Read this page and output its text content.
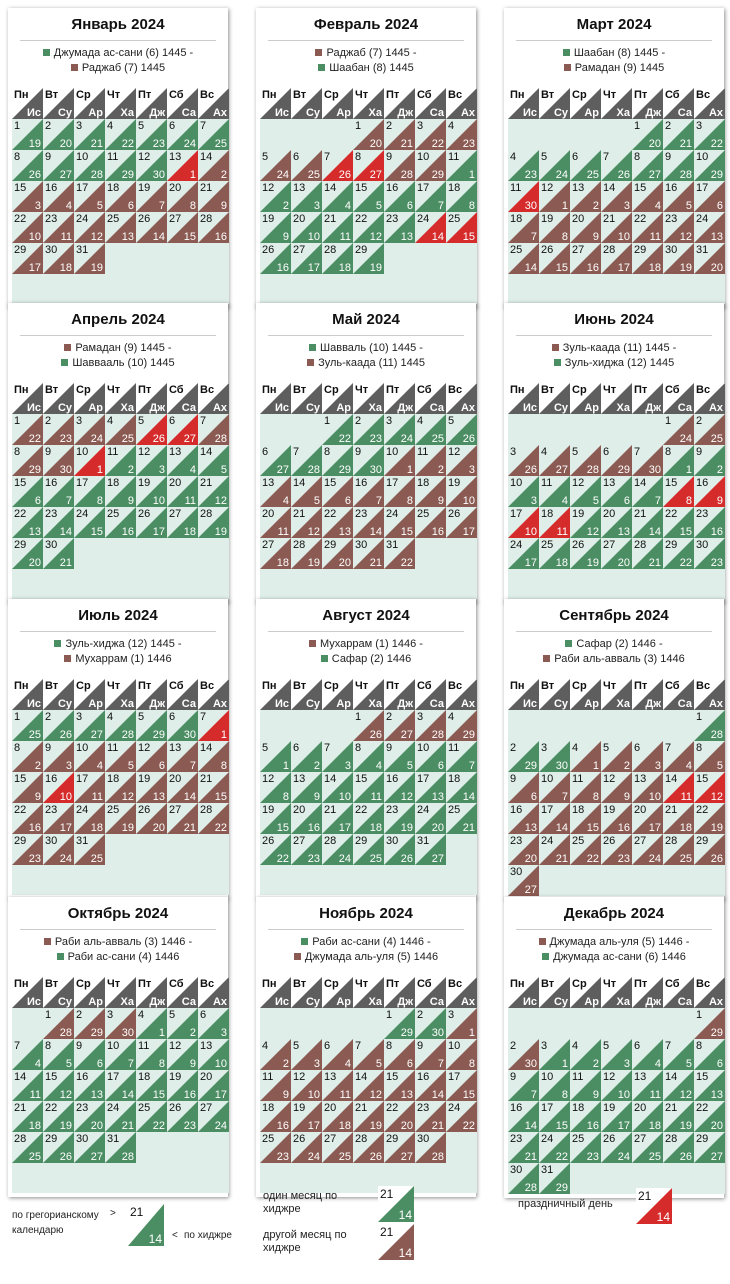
Январь 2024
Джумада ас-сани (6) 1445 -
Раджаб (7) 1445
Пн
Ис
Вт
Су
Ср
Ар
Чт
Ха
Пт
Дж
Сб
Са
Вс
Ах
1
19
2
20
3
21
4
22
5
23
6
24
7
25
8
26
9
27
10
28
11
29
12
30
13
1
14
2
15
3
16
4
17
5
18
6
19
7
20
8
21
9
22
10
23
11
24
12
25
13
26
14
27
15
28
16
29
17
30
18
31
19
Февраль 2024
Раджаб (7) 1445 -
Шаабан (8) 1445
Пн
Ис
Вт
Су
Ср
Ар
Чт
Ха
Пт
Дж
Сб
Са
Вс
Ах
1
20
2
21
3
22
4
23
5
24
6
25
7
26
8
27
9
28
10
29
11
1
12
2
13
3
14
4
15
5
16
6
17
7
18
8
19
9
20
10
21
11
22
12
23
13
24
14
25
15
26
16
27
17
28
18
29
19
Март 2024
Шаабан (8) 1445 -
Рамадан (9) 1445
Пн
Ис
Вт
Су
Ср
Ар
Чт
Ха
Пт
Дж
Сб
Са
Вс
Ах
1
20
2
21
3
22
4
23
5
24
6
25
7
26
8
27
9
28
10
29
11
30
12
1
13
2
14
3
15
4
16
5
17
6
18
7
19
8
20
9
21
10
22
11
23
12
24
13
25
14
26
15
27
16
28
17
29
18
30
19
31
20
Апрель 2024
Рамадан (9) 1445 -
Шаввааль (10) 1445
Пн
Ис
Вт
Су
Ср
Ар
Чт
Ха
Пт
Дж
Сб
Са
Вс
Ах
1
22
2
23
3
24
4
25
5
26
6
27
7
28
8
29
9
30
10
1
11
2
12
3
13
4
14
5
15
6
16
7
17
8
18
9
19
10
20
11
21
12
22
13
23
14
24
15
25
16
26
17
27
18
28
19
29
20
30
21
Май 2024
Шавваль (10) 1445 -
Зуль-каада (11) 1445
Пн
Ис
Вт
Су
Ср
Ар
Чт
Ха
Пт
Дж
Сб
Са
Вс
Ах
1
22
2
23
3
24
4
25
5
26
6
27
7
28
8
29
9
30
10
1
11
2
12
3
13
4
14
5
15
6
16
7
17
8
18
9
19
10
20
11
21
12
22
13
23
14
24
15
25
16
26
17
27
18
28
19
29
20
30
21
31
22
Июнь 2024
Зуль-каада (11) 1445 -
Зуль-хиджа (12) 1445
Пн
Ис
Вт
Су
Ср
Ар
Чт
Ха
Пт
Дж
Сб
Са
Вс
Ах
1
24
2
25
3
26
4
27
5
28
6
29
7
30
8
1
9
2
10
3
11
4
12
5
13
6
14
7
15
8
16
9
17
10
18
11
19
12
20
13
21
14
22
15
23
16
24
17
25
18
26
19
27
20
28
21
29
22
30
23
Июль 2024
Зуль-хиджа (12) 1445 -
Мухаррам (1) 1446
Пн
Ис
Вт
Су
Ср
Ар
Чт
Ха
Пт
Дж
Сб
Са
Вс
Ах
1
25
2
26
3
27
4
28
5
29
6
30
7
1
8
2
9
3
10
4
11
5
12
6
13
7
14
8
15
9
16
10
17
11
18
12
19
13
20
14
21
15
22
16
23
17
24
18
25
19
26
20
27
21
28
22
29
23
30
24
31
25
Август 2024
Мухаррам (1) 1446 -
Сафар (2) 1446
Пн
Ис
Вт
Су
Ср
Ар
Чт
Ха
Пт
Дж
Сб
Са
Вс
Ах
1
26
2
27
3
28
4
29
5
1
6
2
7
3
8
4
9
5
10
6
11
7
12
8
13
9
14
10
15
11
16
12
17
13
18
14
19
15
20
16
21
17
22
18
23
19
24
20
25
21
26
22
27
23
28
24
29
25
30
26
31
27
Сентябрь 2024
Сафар (2) 1446 -
Раби аль-авваль (3) 1446
Пн
Ис
Вт
Су
Ср
Ар
Чт
Ха
Пт
Дж
Сб
Са
Вс
Ах
1
28
2
29
3
30
4
1
5
2
6
3
7
4
8
5
9
6
10
7
11
8
12
9
13
10
14
11
15
12
16
13
17
14
18
15
19
16
20
17
21
18
22
19
23
20
24
21
25
22
26
23
27
24
28
25
29
26
30
27
Октябрь 2024
Раби аль-авваль (3) 1446 -
Раби ас-сани (4) 1446
Пн
Ис
Вт
Су
Ср
Ар
Чт
Ха
Пт
Дж
Сб
Са
Вс
Ах
1
28
2
29
3
30
4
1
5
2
6
3
7
4
8
5
9
6
10
7
11
8
12
9
13
10
14
11
15
12
16
13
17
14
18
15
19
16
20
17
21
18
22
19
23
20
24
21
25
22
26
23
27
24
28
25
29
26
30
27
31
28
Ноябрь 2024
Раби ас-сани (4) 1446 -
Джумада аль-уля (5) 1446
Пн
Ис
Вт
Су
Ср
Ар
Чт
Ха
Пт
Дж
Сб
Са
Вс
Ах
1
29
2
30
3
1
4
2
5
3
6
4
7
5
8
6
9
7
10
8
11
9
12
10
13
11
14
12
15
13
16
14
17
15
18
16
19
17
20
18
21
19
22
20
23
21
24
22
25
23
26
24
27
25
28
26
29
27
30
28
Декабрь 2024
Джумада аль-уля (5) 1446 -
Джумада ас-сани (6) 1446
Пн
Ис
Вт
Су
Ср
Ар
Чт
Ха
Пт
Дж
Сб
Са
Вс
Ах
1
29
2
30
3
1
4
2
5
3
6
4
7
5
8
6
9
7
10
8
11
9
12
10
13
11
14
12
15
13
16
14
17
15
18
16
19
17
20
18
21
19
22
20
23
21
24
22
25
23
26
24
27
25
28
26
29
27
30
28
31
29
по грегорианскому календарю
> 21
14 < по хиджре
один месяц по хиджре
21
14
другой месяц по хиджре
21
14
праздничный день
21
14
